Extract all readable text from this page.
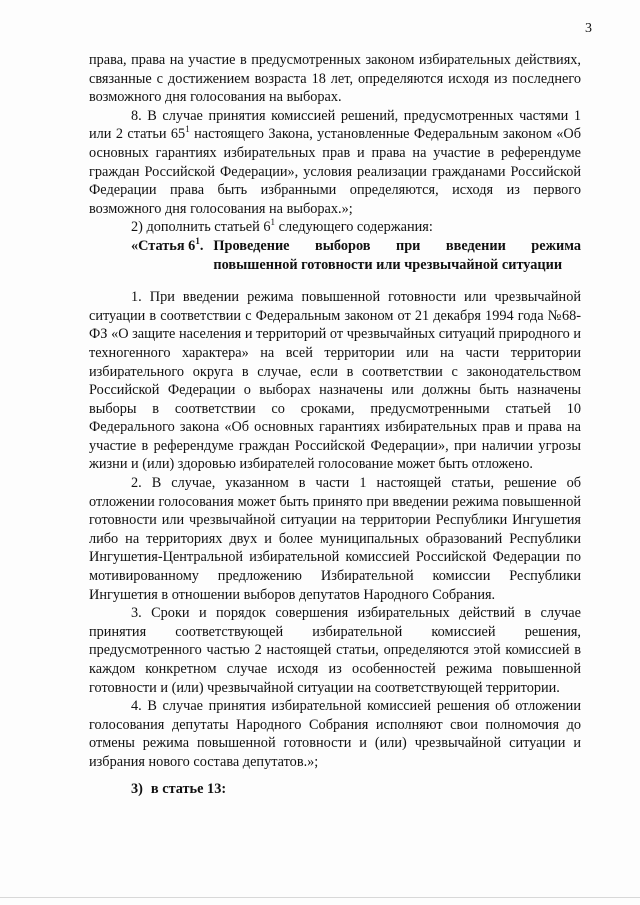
3

права, права на участие в предусмотренных законом избирательных действиях, связанные с достижением возраста 18 лет, определяются исходя из последнего возможного дня голосования на выборах.

8. В случае принятия комиссией решений, предусмотренных частями 1 или 2 статьи $65^1$ настоящего Закона, установленные Федеральным законом «Об основных гарантиях избирательных прав и права на участие в референдуме граждан Российской Федерации», условия реализации гражданами Российской Федерации права быть избранными определяются, исходя из первого возможного дня голосования на выборах.»;

2) дополнить статьей $6^1$ следующего содержания:

«Статья $6^1$. Проведение выборов при введении режима повышенной готовности или чрезвычайной ситуации

1. При введении режима повышенной готовности или чрезвычайной ситуации в соответствии с Федеральным законом от 21 декабря 1994 года №68-ФЗ «О защите населения и территорий от чрезвычайных ситуаций природного и техногенного характера» на всей территории или на части территории избирательного округа в случае, если в соответствии с законодательством Российской Федерации о выборах назначены или должны быть назначены выборы в соответствии со сроками, предусмотренными статьей 10 Федерального закона «Об основных гарантиях избирательных прав и права на участие в референдуме граждан Российской Федерации», при наличии угрозы жизни и (или) здоровью избирателей голосование может быть отложено.

2. В случае, указанном в части 1 настоящей статьи, решение об отложении голосования может быть принято при введении режима повышенной готовности или чрезвычайной ситуации на территории Республики Ингушетия либо на территориях двух и более муниципальных образований Республики Ингушетия-Центральной избирательной комиссией Российской Федерации по мотивированному предложению Избирательной комиссии Республики Ингушетия в отношении выборов депутатов Народного Собрания.

3. Сроки и порядок совершения избирательных действий в случае принятия соответствующей избирательной комиссией решения, предусмотренного частью 2 настоящей статьи, определяются этой комиссией в каждом конкретном случае исходя из особенностей режима повышенной готовности и (или) чрезвычайной ситуации на соответствующей территории.

4. В случае принятия избирательной комиссией решения об отложении голосования депутаты Народного Собрания исполняют свои полномочия до отмены режима повышенной готовности и (или) чрезвычайной ситуации и избрания нового состава депутатов.»;

3) в статье 13:
